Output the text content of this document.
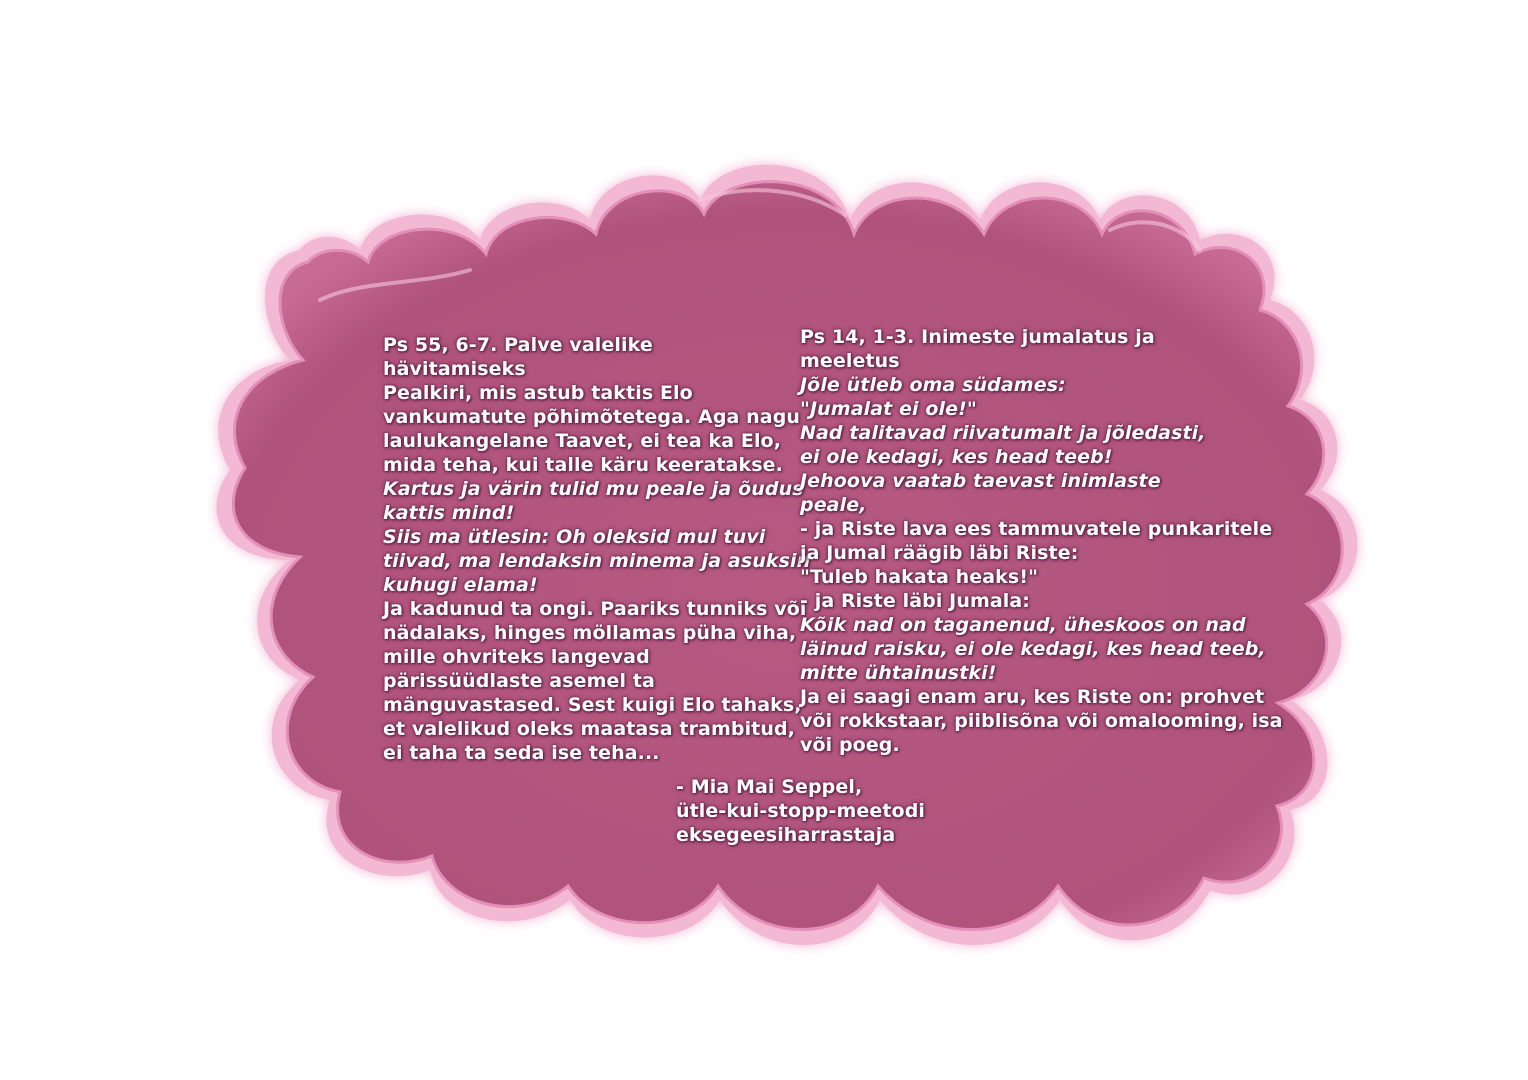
Ps 55, 6-7. Palve valelike
hävitamiseks
Pealkiri, mis astub taktis Elo
vankumatute põhimõtetega. Aga nagu
laulukangelane Taavet, ei tea ka Elo,
mida teha, kui talle käru keeratakse.
Kartus ja värin tulid mu peale ja õudus
kattis mind!
Siis ma ütlesin: Oh oleksid mul tuvi
tiivad, ma lendaksin minema ja asuksin
kuhugi elama!
Ja kadunud ta ongi. Paariks tunniks või
nädalaks, hinges möllamas püha viha,
mille ohvriteks langevad
pärissüüdlaste asemel ta
mänguvastased. Sest kuigi Elo tahaks,
et valelikud oleks maatasa trambitud,
ei taha ta seda ise teha...
Ps 14, 1-3. Inimeste jumalatus ja
meeletus
Jõle ütleb oma südames:
"Jumalat ei ole!"
Nad talitavad riivatumalt ja jõledasti,
ei ole kedagi, kes head teeb!
Jehoova vaatab taevast inimlaste
peale,
- ja Riste lava ees tammuvatele punkaritele
ja Jumal räägib läbi Riste:
"Tuleb hakata heaks!"
- ja Riste läbi Jumala:
Kõik nad on taganenud, üheskoos on nad
läinud raisku, ei ole kedagi, kes head teeb,
mitte ühtainustki!
Ja ei saagi enam aru, kes Riste on: prohvet
või rokkstaar, piiblisõna või omalooming, isa
või poeg.
- Mia Mai Seppel,
ütle-kui-stopp-meetodi
eksegeesiharrastaja
